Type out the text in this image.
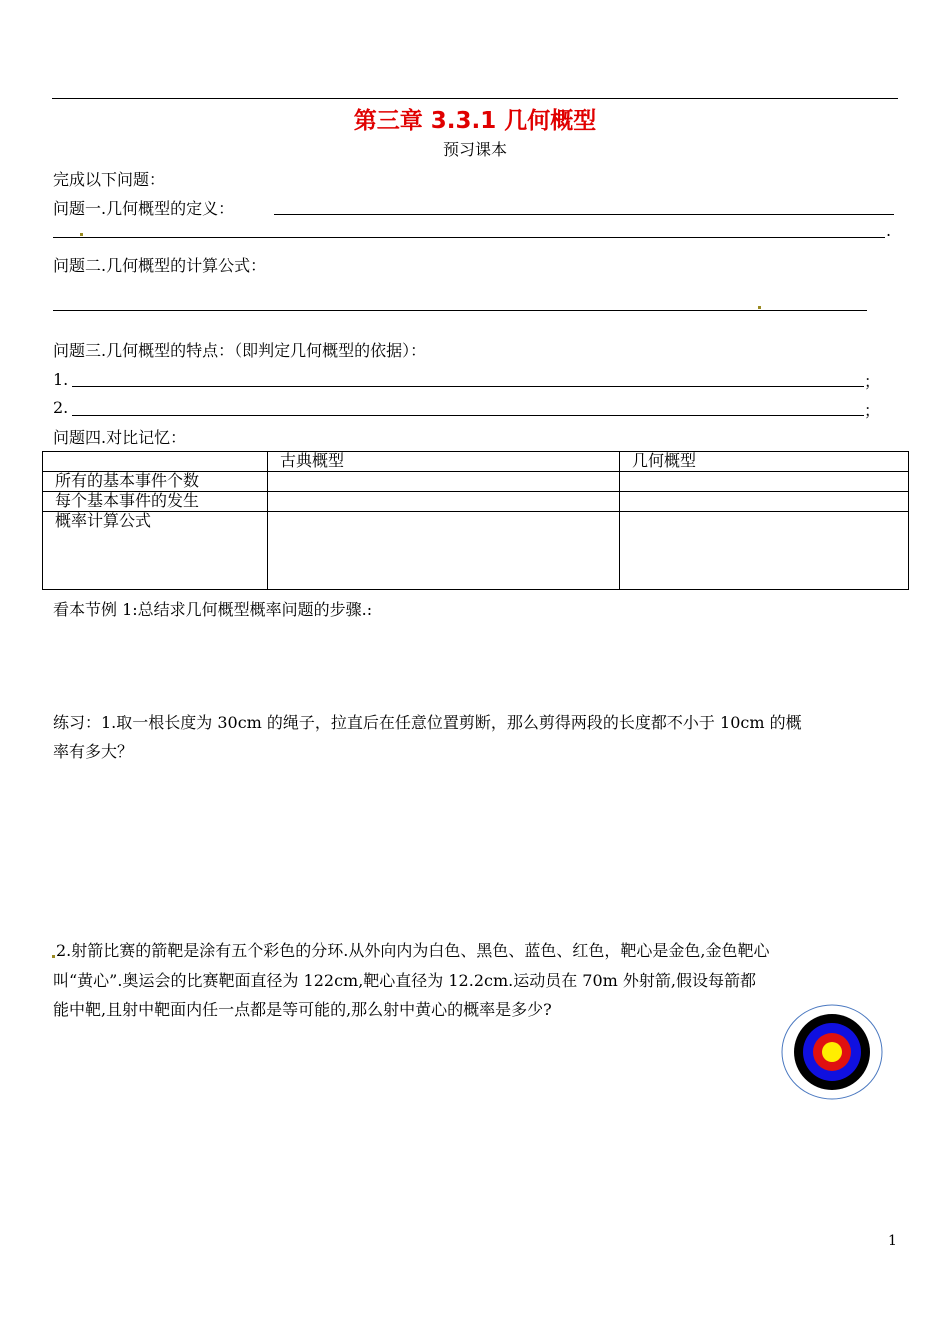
第三章 3.3.1 几何概型
预习课本
完成以下问题：
问题一.几何概型的定义：
.
问题二.几何概型的计算公式：
问题三.几何概型的特点：（即判定几何概型的依据）：
1.	；
2.	；
问题四.对比记忆：
	古典概型	几何概型
所有的基本事件个数		
每个基本事件的发生		
概率计算公式		
看本节例 1:总结求几何概型概率问题的步骤.:
练习：1.取一根长度为 30cm 的绳子，拉直后在任意位置剪断，那么剪得两段的长度都不小于 10cm 的概
率有多大？
2.射箭比赛的箭靶是涂有五个彩色的分环.从外向内为白色、黑色、蓝色、红色，靶心是金色,金色靶心
叫“黄心”.奥运会的比赛靶面直径为 122cm,靶心直径为 12.2cm.运动员在 70m 外射箭,假设每箭都
能中靶,且射中靶面内任一点都是等可能的,那么射中黄心的概率是多少?
1
